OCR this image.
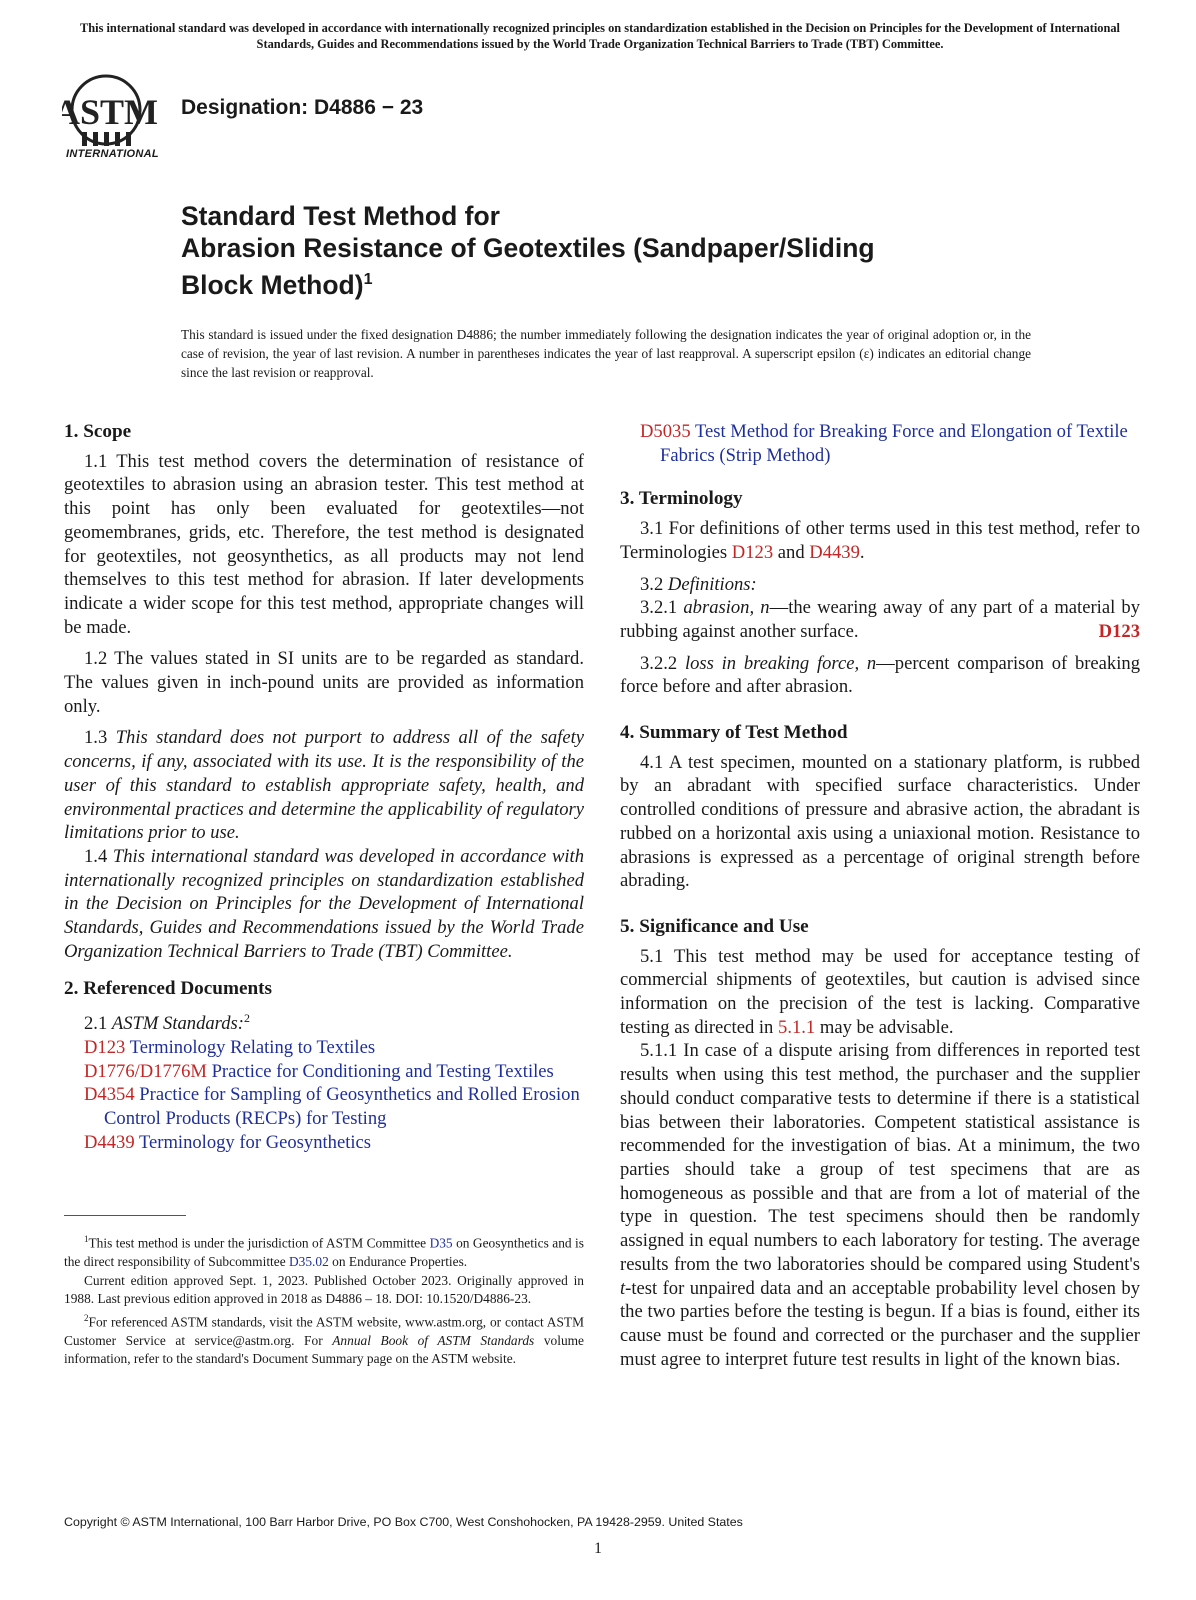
This international standard was developed in accordance with internationally recognized principles on standardization established in the Decision on Principles for the Development of International Standards, Guides and Recommendations issued by the World Trade Organization Technical Barriers to Trade (TBT) Committee.
ASTM
INTERNATIONAL
Designation: D4886 − 23
Standard Test Method for
Abrasion Resistance of Geotextiles (Sandpaper/Sliding
Block Method)$^1$
This standard is issued under the fixed designation D4886; the number immediately following the designation indicates the year of original adoption or, in the case of revision, the year of last revision. A number in parentheses indicates the year of last reapproval. A superscript epsilon (ε) indicates an editorial change since the last revision or reapproval.
1. Scope

1.1 This test method covers the determination of resistance of geotextiles to abrasion using an abrasion tester. This test method at this point has only been evaluated for geotextiles—not geomembranes, grids, etc. Therefore, the test method is designated for geotextiles, not geosynthetics, as all products may not lend themselves to this test method for abrasion. If later developments indicate a wider scope for this test method, appropriate changes will be made.

1.2 The values stated in SI units are to be regarded as standard. The values given in inch-pound units are provided as information only.

1.3 This standard does not purport to address all of the safety concerns, if any, associated with its use. It is the responsibility of the user of this standard to establish appropriate safety, health, and environmental practices and determine the applicability of regulatory limitations prior to use.

1.4 This international standard was developed in accordance with internationally recognized principles on standardization established in the Decision on Principles for the Development of International Standards, Guides and Recommendations issued by the World Trade Organization Technical Barriers to Trade (TBT) Committee.

2. Referenced Documents

2.1 ASTM Standards:$^2$

D123 Terminology Relating to Textiles

D1776/D1776M Practice for Conditioning and Testing Textiles

D4354 Practice for Sampling of Geosynthetics and Rolled Erosion Control Products (RECPs) for Testing

D4439 Terminology for Geosynthetics

$^1$This test method is under the jurisdiction of ASTM Committee D35 on Geosynthetics and is the direct responsibility of Subcommittee D35.02 on Endurance Properties.

Current edition approved Sept. 1, 2023. Published October 2023. Originally approved in 1988. Last previous edition approved in 2018 as D4886 – 18. DOI: 10.1520/D4886-23.

$^2$For referenced ASTM standards, visit the ASTM website, www.astm.org, or contact ASTM Customer Service at service@astm.org. For Annual Book of ASTM Standards volume information, refer to the standard's Document Summary page on the ASTM website.

D5035 Test Method for Breaking Force and Elongation of Textile Fabrics (Strip Method)

3. Terminology

3.1 For definitions of other terms used in this test method, refer to Terminologies D123 and D4439.

3.2 Definitions:

3.2.1 abrasion, n—the wearing away of any part of a material by rubbing against another surface.	D123

3.2.2 loss in breaking force, n—percent comparison of breaking force before and after abrasion.

4. Summary of Test Method

4.1 A test specimen, mounted on a stationary platform, is rubbed by an abradant with specified surface characteristics. Under controlled conditions of pressure and abrasive action, the abradant is rubbed on a horizontal axis using a uniaxional motion. Resistance to abrasions is expressed as a percentage of original strength before abrading.

5. Significance and Use

5.1 This test method may be used for acceptance testing of commercial shipments of geotextiles, but caution is advised since information on the precision of the test is lacking. Comparative testing as directed in 5.1.1 may be advisable.

5.1.1 In case of a dispute arising from differences in reported test results when using this test method, the purchaser and the supplier should conduct comparative tests to determine if there is a statistical bias between their laboratories. Competent statistical assistance is recommended for the investigation of bias. At a minimum, the two parties should take a group of test specimens that are as homogeneous as possible and that are from a lot of material of the type in question. The test specimens should then be randomly assigned in equal numbers to each laboratory for testing. The average results from the two laboratories should be compared using Student's t-test for unpaired data and an acceptable probability level chosen by the two parties before the testing is begun. If a bias is found, either its cause must be found and corrected or the purchaser and the supplier must agree to interpret future test results in light of the known bias.

Copyright © ASTM International, 100 Barr Harbor Drive, PO Box C700, West Conshohocken, PA 19428-2959. United States
1
